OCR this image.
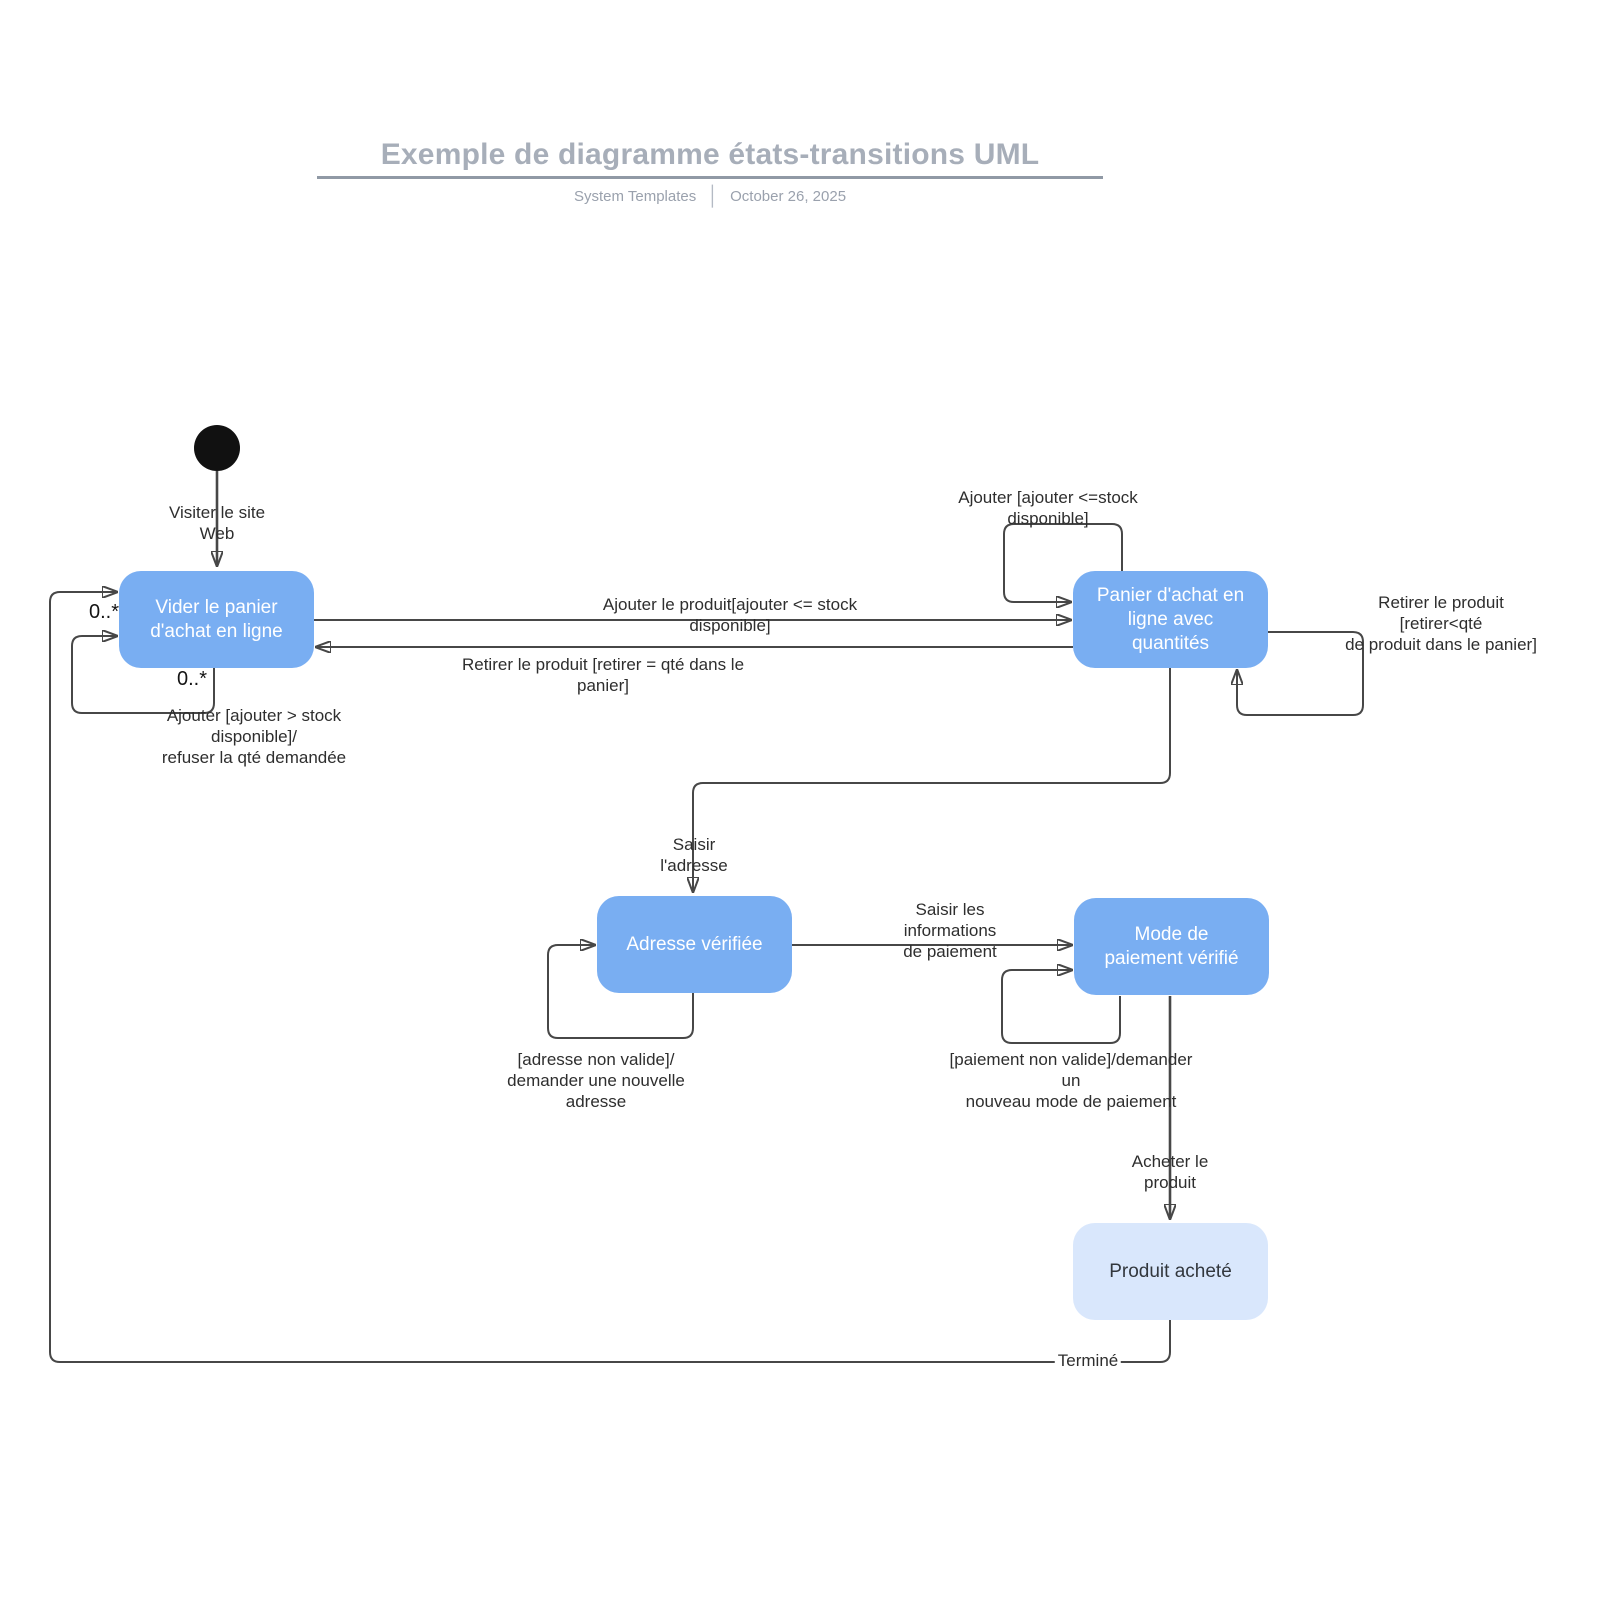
Exemple de diagramme états-transitions UML
System Templates │ October 26, 2025
Vider le panier
d'achat en ligne
Panier d'achat en
ligne avec
quantités
Adresse vérifiée	Mode de
paiement vérifié
Produit acheté
Visiter le site
Web
Ajouter [ajouter <=stock
disponible]
Ajouter le produit[ajouter <= stock
disponible]
Retirer le produit [retirer = qté dans le
panier]
Retirer le produit
[retirer<qté
de produit dans le panier]
0..*
0..*
Ajouter [ajouter > stock
disponible]/
refuser la qté demandée
Saisir
l'adresse
[adresse non valide]/
demander une nouvelle
adresse
Saisir les
informations
de paiement
[paiement non valide]/demander
un
nouveau mode de paiement
Acheter le
produit
Terminé
